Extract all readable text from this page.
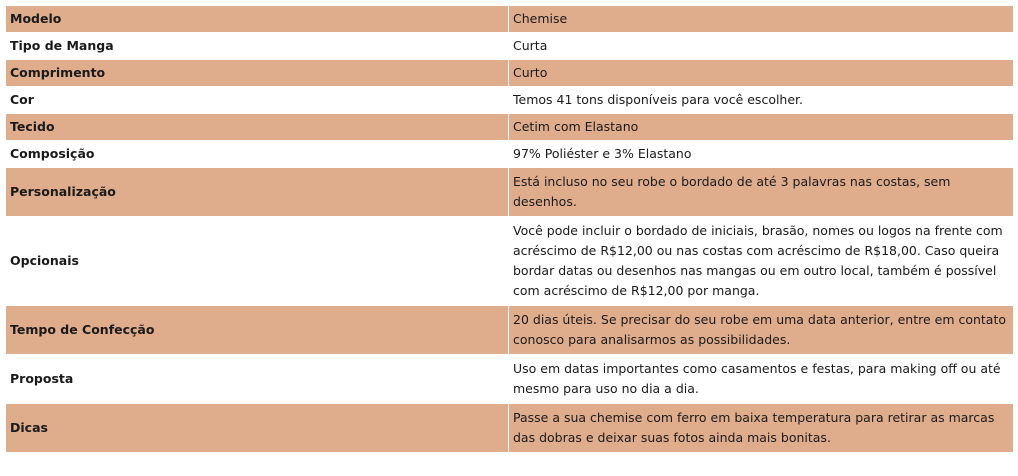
Modelo	Chemise
Tipo de Manga	Curta
Comprimento	Curto
Cor	Temos 41 tons disponíveis para você escolher.
Tecido	Cetim com Elastano
Composição	97% Poliéster e 3% Elastano
Personalização	Está incluso no seu robe o bordado de até 3 palavras nas costas, sem desenhos.
Opcionais	Você pode incluir o bordado de iniciais, brasão, nomes ou logos na frente com acréscimo de R$12,00 ou nas costas com acréscimo de R$18,00. Caso queira bordar datas ou desenhos nas mangas ou em outro local, também é possível com acréscimo de R$12,00 por manga.
Tempo de Confecção	20 dias úteis. Se precisar do seu robe em uma data anterior, entre em contato conosco para analisarmos as possibilidades.
Proposta	Uso em datas importantes como casamentos e festas, para making off ou até mesmo para uso no dia a dia.
Dicas	Passe a sua chemise com ferro em baixa temperatura para retirar as marcas das dobras e deixar suas fotos ainda mais bonitas.
